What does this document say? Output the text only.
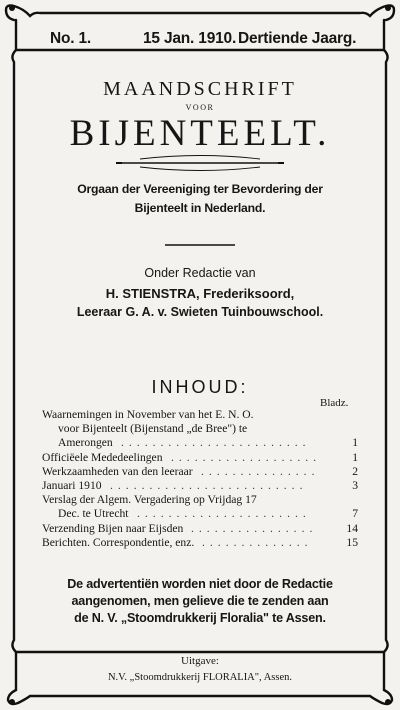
No. 1.	15 Jan. 1910. Dertiende Jaarg.
MAANDSCHRIFT
VOOR
BIJENTEELT.
Orgaan der Vereeniging ter Bevordering der
Bijenteelt in Nederland.
Onder Redactie van
H. STIENSTRA, Frederiksoord,
Leeraar G. A. v. Swieten Tuinbouwschool.
INHOUD:
Bladz.
Waarnemingen in November van het E. N. O.
voor Bijenteelt (Bijenstand „de Bree") te
Amerongen ........................	1
Officiëele Mededeelingen ...................	1
Werkzaamheden van den leeraar ...............	2
Januari 1910 .........................	3
Verslag der Algem. Vergadering op Vrijdag 17
Dec. te Utrecht ......................	7
Verzending Bijen naar Eijsden ................	14
Berichten. Correspondentie, enz. ..............	15
De advertentiën worden niet door de Redactie
aangenomen, men gelieve die te zenden aan
de N. V. „Stoomdrukkerij Floralia" te Assen.
Uitgave:
N.V. „Stoomdrukkerij FLORALIA", Assen.
